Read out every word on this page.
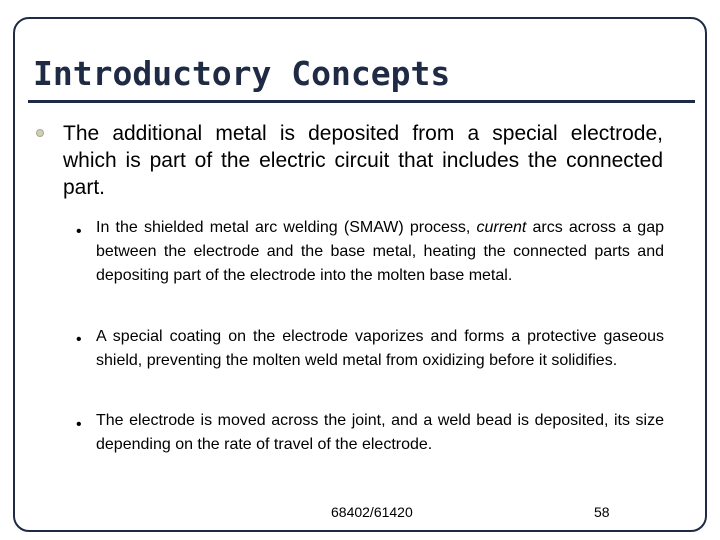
Introductory Concepts
The additional metal is deposited from a special electrode, which is part of the electric circuit that includes the connected part.
• In the shielded metal arc welding (SMAW) process, current arcs across a gap between the electrode and the base metal, heating the connected parts and depositing part of the electrode into the molten base metal.
• A special coating on the electrode vaporizes and forms a protective gaseous shield, preventing the molten weld metal from oxidizing before it solidifies.
• The electrode is moved across the joint, and a weld bead is deposited, its size depending on the rate of travel of the electrode.
68402/61420	58
